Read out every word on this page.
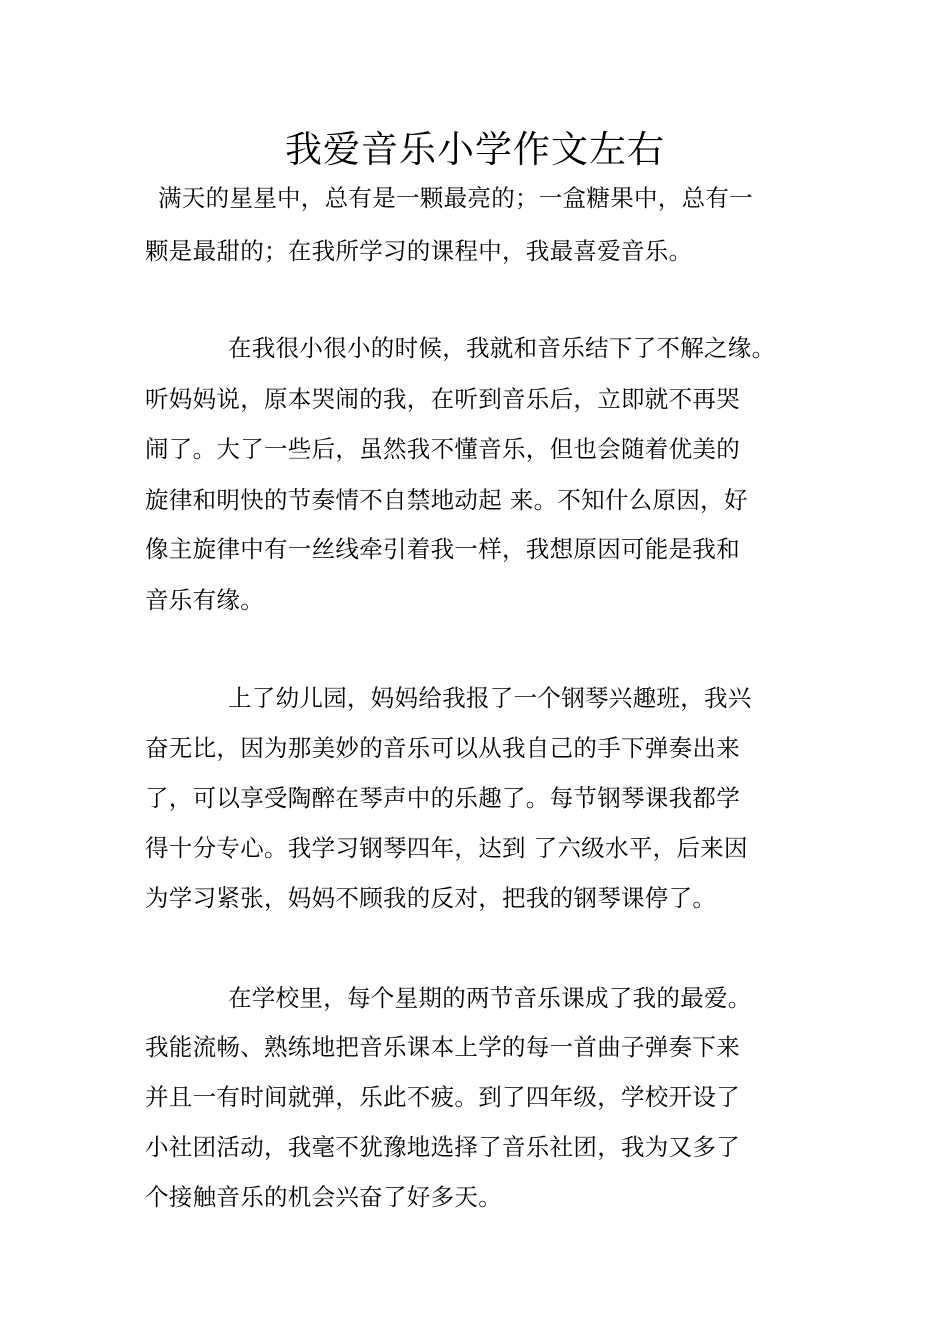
我爱音乐小学作文左右
满天的星星中，总有是一颗最亮的；一盒糖果中，总有一
颗是最甜的；在我所学习的课程中，我最喜爱音乐。
在我很小很小的时候，我就和音乐结下了不解之缘。
听妈妈说，原本哭闹的我，在听到音乐后，立即就不再哭
闹了。大了一些后，虽然我不懂音乐，但也会随着优美的
旋律和明快的节奏情不自禁地动起 来。不知什么原因，好
像主旋律中有一丝线牵引着我一样，我想原因可能是我和
音乐有缘。
上了幼儿园，妈妈给我报了一个钢琴兴趣班，我兴
奋无比，因为那美妙的音乐可以从我自己的手下弹奏出来
了，可以享受陶醉在琴声中的乐趣了。每节钢琴课我都学
得十分专心。我学习钢琴四年，达到 了六级水平，后来因
为学习紧张，妈妈不顾我的反对，把我的钢琴课停了。
在学校里，每个星期的两节音乐课成了我的最爱。
我能流畅、熟练地把音乐课本上学的每一首曲子弹奏下来
并且一有时间就弹，乐此不疲。到了四年级，学校开设了
小社团活动，我毫不犹豫地选择了音乐社团，我为又多了
个接触音乐的机会兴奋了好多天。
